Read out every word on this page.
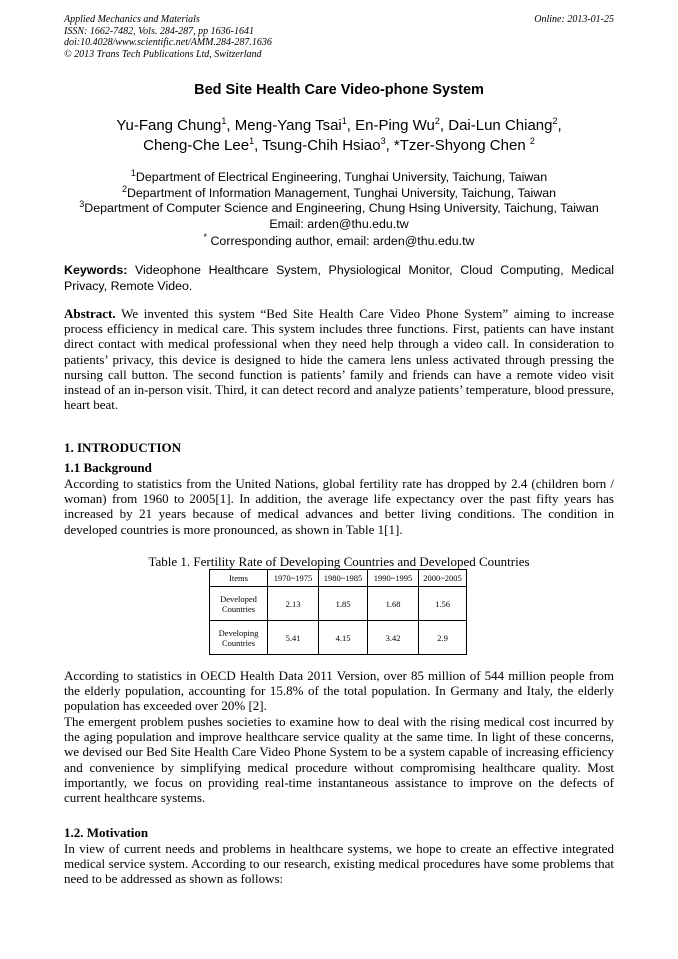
Applied Mechanics and Materials
ISSN: 1662-7482, Vols. 284-287, pp 1636-1641
doi:10.4028/www.scientific.net/AMM.284-287.1636
© 2013 Trans Tech Publications Ltd, Switzerland
Online: 2013-01-25
Bed Site Health Care Video-phone System
Yu-Fang Chung$^1$, Meng-Yang Tsai$^1$, En-Ping Wu$^2$, Dai-Lun Chiang$^2$,
Cheng-Che Lee$^1$, Tsung-Chih Hsiao$^3$, *Tzer-Shyong Chen $^2$
$^1$Department of Electrical Engineering, Tunghai University, Taichung, Taiwan
$^2$Department of Information Management, Tunghai University, Taichung, Taiwan
$^3$Department of Computer Science and Engineering, Chung Hsing University, Taichung, Taiwan
Email: arden@thu.edu.tw
* Corresponding author, email: arden@thu.edu.tw
Keywords: Videophone Healthcare System, Physiological Monitor, Cloud Computing, Medical Privacy, Remote Video.
Abstract. We invented this system “Bed Site Health Care Video Phone System” aiming to increase process efficiency in medical care. This system includes three functions. First, patients can have instant direct contact with medical professional when they need help through a video call. In consideration to patients’ privacy, this device is designed to hide the camera lens unless activated through pressing the nursing call button. The second function is patients’ family and friends can have a remote video visit instead of an in-person visit. Third, it can detect record and analyze patients’ temperature, blood pressure, heart beat.
1. INTRODUCTION
1.1 Background

According to statistics from the United Nations, global fertility rate has dropped by 2.4 (children born / woman) from 1960 to 2005[1]. In addition, the average life expectancy over the past fifty years has increased by 21 years because of medical advances and better living conditions. The condition in developed countries is more pronounced, as shown in Table 1[1].

Table 1. Fertility Rate of Developing Countries and Developed Countries
Items	1970~1975	1980~1985	1990~1995	2000~2005
Developed
Countries	2.13	1.85	1.68	1.56
Developing
Countries	5.41	4.15	3.42	2.9

According to statistics in OECD Health Data 2011 Version, over 85 million of 544 million people from the elderly population, accounting for 15.8% of the total population. In Germany and Italy, the elderly population has exceeded over 20% [2].

The emergent problem pushes societies to examine how to deal with the rising medical cost incurred by the aging population and improve healthcare service quality at the same time. In light of these concerns, we devised our Bed Site Health Care Video Phone System to be a system capable of increasing efficiency and convenience by simplifying medical procedure without compromising healthcare quality. Most importantly, we focus on providing real-time instantaneous assistance to improve on the defects of current healthcare systems.

1.2. Motivation

In view of current needs and problems in healthcare systems, we hope to create an effective integrated medical service system. According to our research, existing medical procedures have some problems that need to be addressed as shown as follows:
